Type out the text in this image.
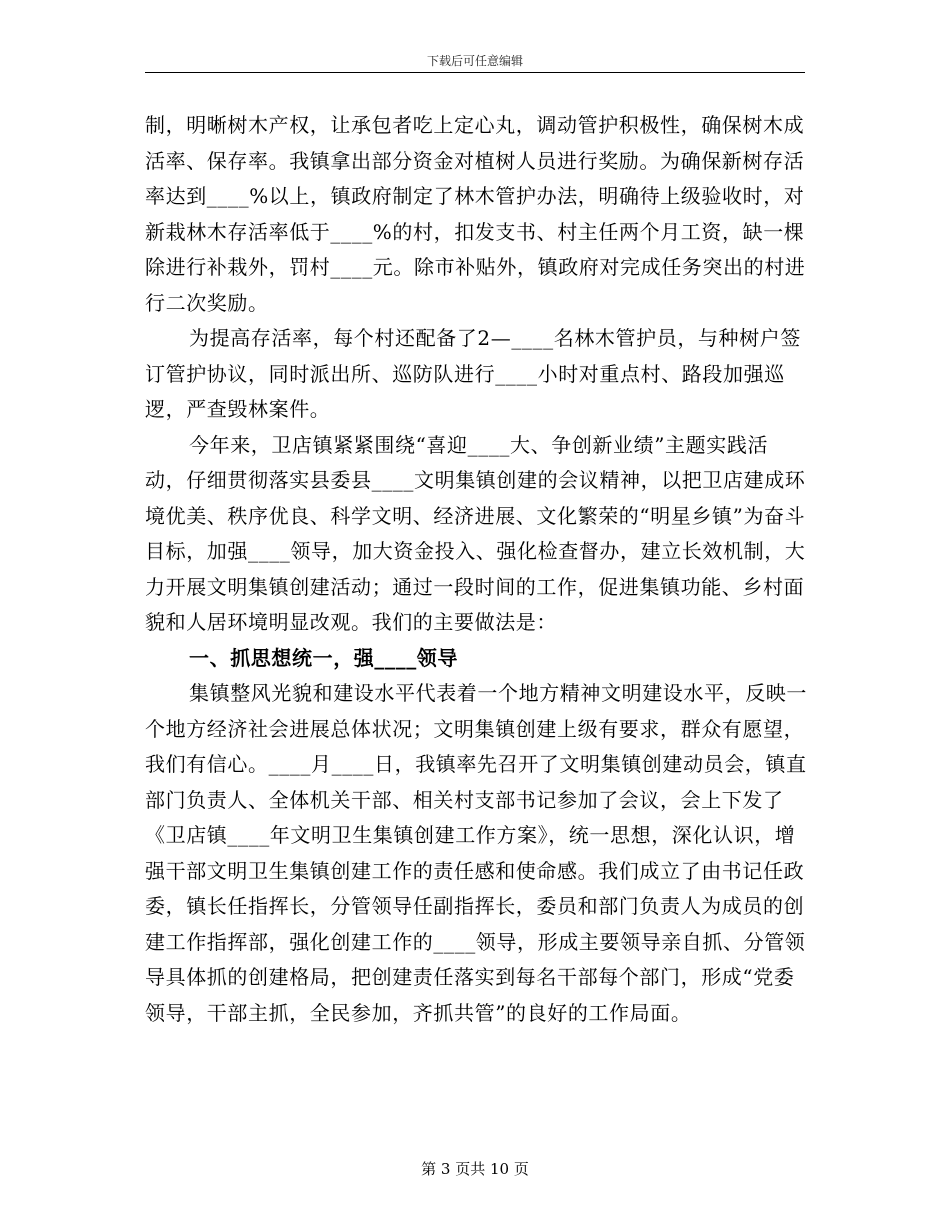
下载后可任意编辑

制，明晰树木产权，让承包者吃上定心丸，调动管护积极性，确保树木成活率、保存率。我镇拿出部分资金对植树人员进行奖励。为确保新树存活率达到____%以上，镇政府制定了林木管护办法，明确待上级验收时，对新栽林木存活率低于____%的村，扣发支书、村主任两个月工资，缺一棵除进行补栽外，罚村____元。除市补贴外，镇政府对完成任务突出的村进行二次奖励。

为提高存活率，每个村还配备了2—____名林木管护员，与种树户签订管护协议，同时派出所、巡防队进行____小时对重点村、路段加强巡逻，严查毁林案件。

今年来，卫店镇紧紧围绕“喜迎____大、争创新业绩”主题实践活动，仔细贯彻落实县委县____文明集镇创建的会议精神，以把卫店建成环境优美、秩序优良、科学文明、经济进展、文化繁荣的“明星乡镇”为奋斗目标，加强____领导，加大资金投入、强化检查督办，建立长效机制，大力开展文明集镇创建活动；通过一段时间的工作，促进集镇功能、乡村面貌和人居环境明显改观。我们的主要做法是：

一、抓思想统一，强____领导

集镇整风光貌和建设水平代表着一个地方精神文明建设水平，反映一个地方经济社会进展总体状况；文明集镇创建上级有要求，群众有愿望，我们有信心。____月____日，我镇率先召开了文明集镇创建动员会，镇直部门负责人、全体机关干部、相关村支部书记参加了会议，会上下发了《卫店镇____年文明卫生集镇创建工作方案》，统一思想，深化认识，增强干部文明卫生集镇创建工作的责任感和使命感。我们成立了由书记任政委，镇长任指挥长，分管领导任副指挥长，委员和部门负责人为成员的创建工作指挥部，强化创建工作的____领导，形成主要领导亲自抓、分管领导具体抓的创建格局，把创建责任落实到每名干部每个部门，形成“党委领导，干部主抓，全民参加，齐抓共管”的良好的工作局面。

第 3 页共 10 页
